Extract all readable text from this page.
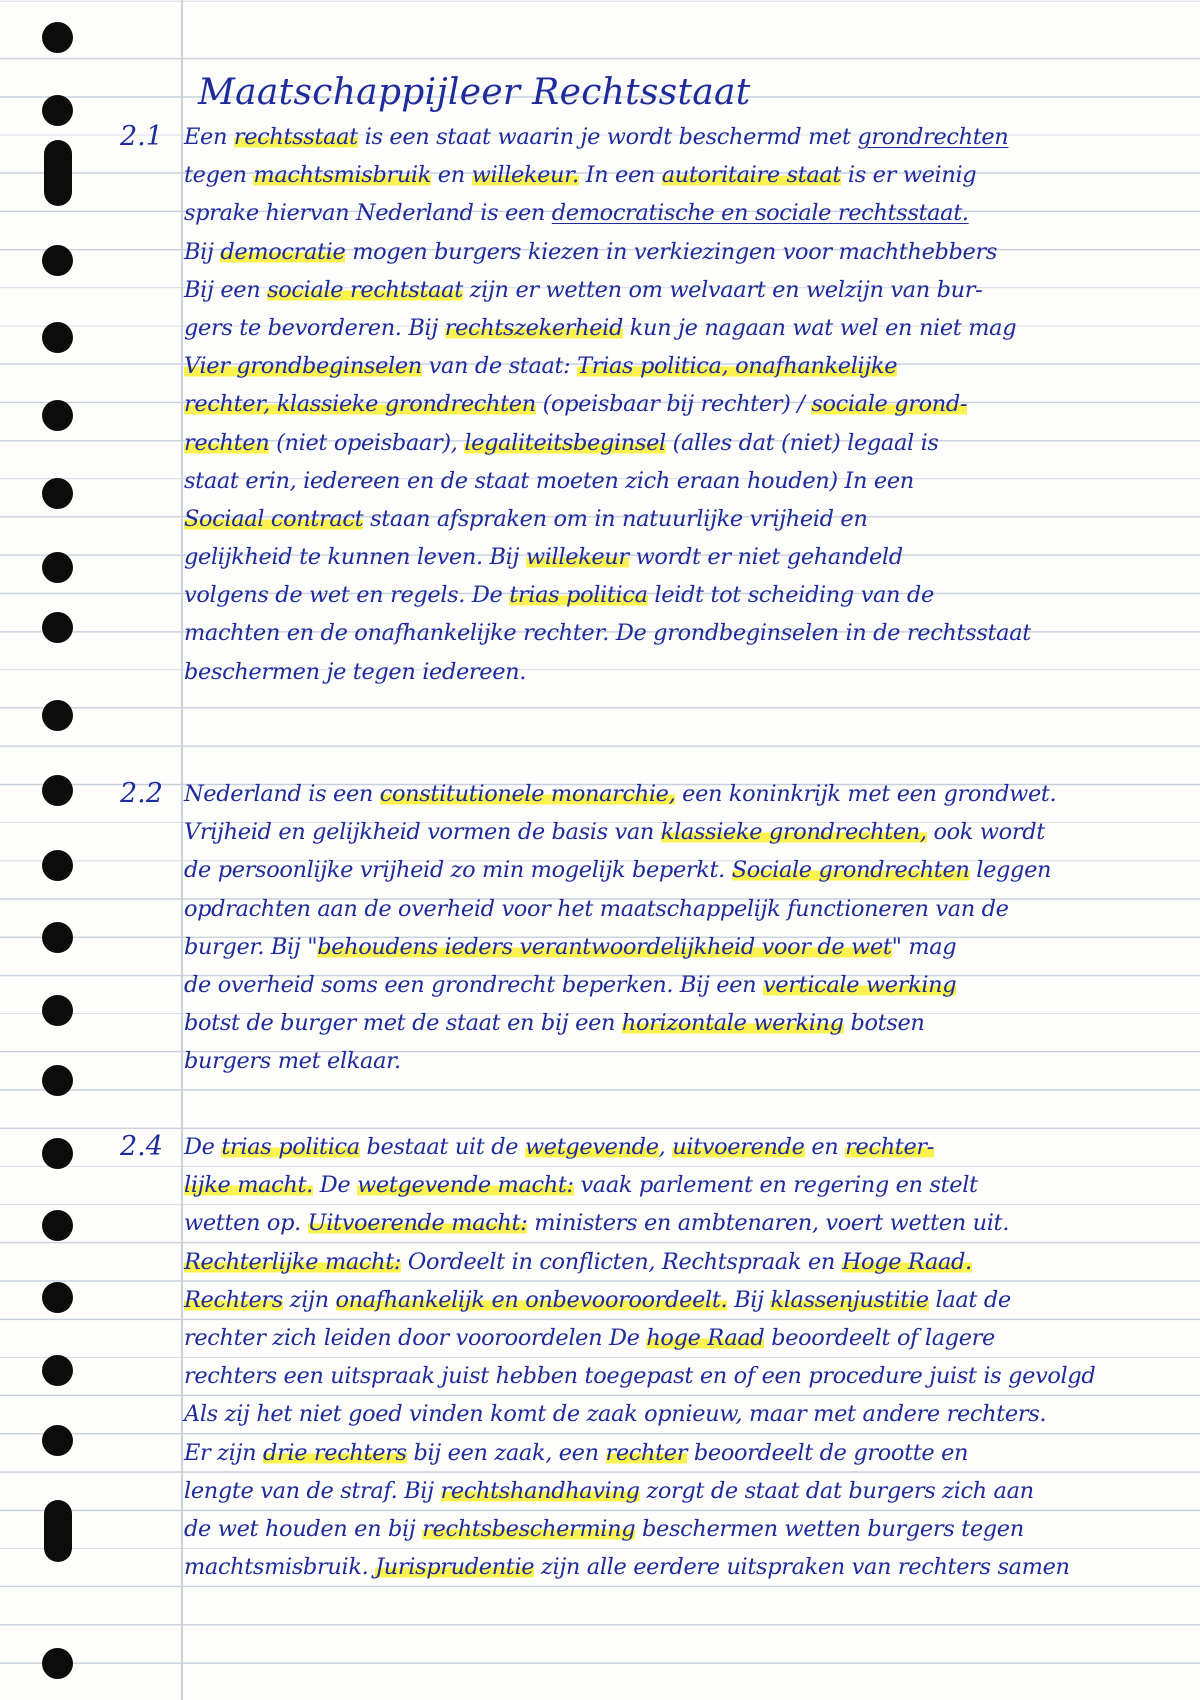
Maatschappijleer Rechtsstaat
2.1 Een rechtsstaat is een staat waarin je wordt beschermd met grondrechten
tegen machtsmisbruik en willekeur. In een autoritaire staat is er weinig
sprake hiervan Nederland is een democratische en sociale rechtsstaat.
Bij democratie mogen burgers kiezen in verkiezingen voor machthebbers
Bij een sociale rechtstaat zijn er wetten om welvaart en welzijn van bur-
gers te bevorderen. Bij rechtszekerheid kun je nagaan wat wel en niet mag
Vier grondbeginselen van de staat: Trias politica, onafhankelijke
rechter, klassieke grondrechten (opeisbaar bij rechter) / sociale grond-
rechten (niet opeisbaar), legaliteitsbeginsel (alles dat (niet) legaal is
staat erin, iedereen en de staat moeten zich eraan houden) In een
Sociaal contract staan afspraken om in natuurlijke vrijheid en
gelijkheid te kunnen leven. Bij willekeur wordt er niet gehandeld
volgens de wet en regels. De trias politica leidt tot scheiding van de
machten en de onafhankelijke rechter. De grondbeginselen in de rechtsstaat
beschermen je tegen iedereen.
2.2 Nederland is een constitutionele monarchie, een koninkrijk met een grondwet.
Vrijheid en gelijkheid vormen de basis van klassieke grondrechten, ook wordt
de persoonlijke vrijheid zo min mogelijk beperkt. Sociale grondrechten leggen
opdrachten aan de overheid voor het maatschappelijk functioneren van de
burger. Bij "behoudens ieders verantwoordelijkheid voor de wet" mag
de overheid soms een grondrecht beperken. Bij een verticale werking
botst de burger met de staat en bij een horizontale werking botsen
burgers met elkaar.
2.4 De trias politica bestaat uit de wetgevende, uitvoerende en rechter-
lijke macht. De wetgevende macht: vaak parlement en regering en stelt
wetten op. Uitvoerende macht: ministers en ambtenaren, voert wetten uit.
Rechterlijke macht: Oordeelt in conflicten, Rechtspraak en Hoge Raad.
Rechters zijn onafhankelijk en onbevooroordeelt. Bij klassenjustitie laat de
rechter zich leiden door vooroordelen De hoge Raad beoordeelt of lagere
rechters een uitspraak juist hebben toegepast en of een procedure juist is gevolgd
Als zij het niet goed vinden komt de zaak opnieuw, maar met andere rechters.
Er zijn drie rechters bij een zaak, een rechter beoordeelt de grootte en
lengte van de straf. Bij rechtshandhaving zorgt de staat dat burgers zich aan
de wet houden en bij rechtsbescherming beschermen wetten burgers tegen
machtsmisbruik. Jurisprudentie zijn alle eerdere uitspraken van rechters samen
